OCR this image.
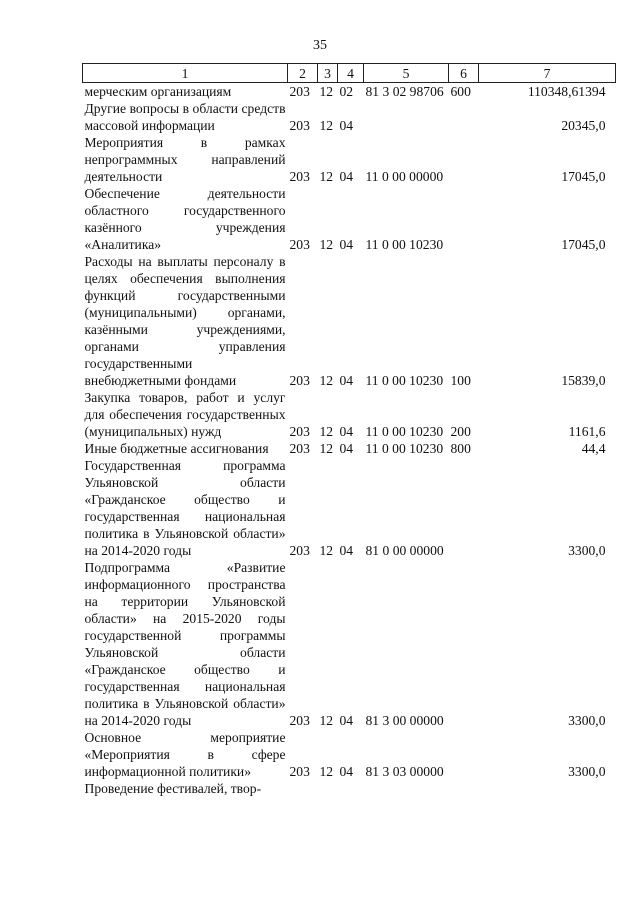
35
1	2	3	4	5	6	7
мерческим организациям	203	12	02	81 3 02 98706	600	110348,61394
Другие вопросы в области средств массовой информации	203	12	04			20345,0
Мероприятия в рамках непрограммных направлений деятельности	203	12	04	11 0 00 00000		17045,0
Обеспечение деятельности областного государственного казённого учреждения «Аналитика»	203	12	04	11 0 00 10230		17045,0
Расходы на выплаты персоналу в целях обеспечения выполнения функций государственными (муниципальными) органами, казёнными учреждениями, органами управления государственными внебюджетными фондами	203	12	04	11 0 00 10230	100	15839,0
Закупка товаров, работ и услуг для обеспечения государственных (муниципальных) нужд	203	12	04	11 0 00 10230	200	1161,6
Иные бюджетные ассигнования	203	12	04	11 0 00 10230	800	44,4
Государственная программа Ульяновской области «Гражданское общество и государственная национальная политика в Ульяновской области» на 2014-2020 годы	203	12	04	81 0 00 00000		3300,0
Подпрограмма «Развитие информационного пространства на территории Ульяновской области» на 2015-2020 годы государственной программы Ульяновской области «Гражданское общество и государственная национальная политика в Ульяновской области» на 2014-2020 годы	203	12	04	81 3 00 00000		3300,0
Основное мероприятие «Мероприятия в сфере информационной политики»	203	12	04	81 3 03 00000		3300,0
Проведение фестивалей, твор-						
